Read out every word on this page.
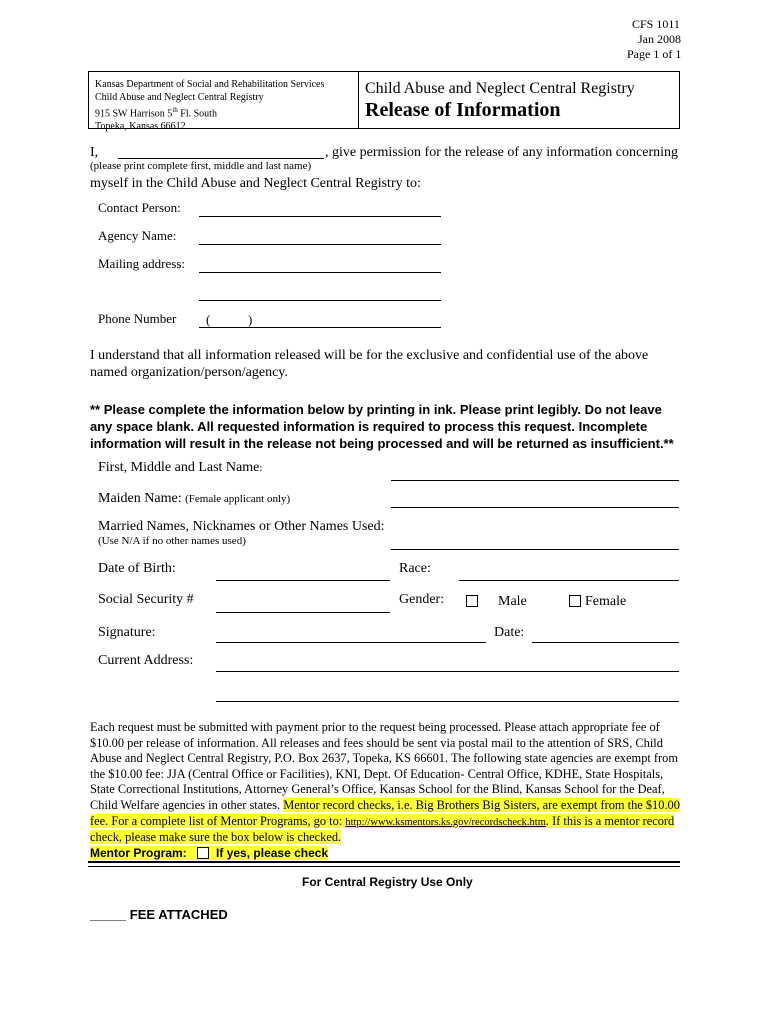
CFS 1011
Jan 2008
Page 1 of 1
Kansas Department of Social and Rehabilitation Services
Child Abuse and Neglect Central Registry
915 SW Harrison 5th Fl. South
Topeka, Kansas 66612
Child Abuse and Neglect Central Registry
Release of Information
I,	, give permission for the release of any information concerning
(please print complete first, middle and last name)
myself in the Child Abuse and Neglect Central Registry to:
Contact Person:
Agency Name:
Mailing address:
Phone Number (	)
I understand that all information released will be for the exclusive and confidential use of the above
named organization/person/agency.
** Please complete the information below by printing in ink. Please print legibly. Do not leave any space blank. All requested information is required to process this request. Incomplete information will result in the release not being processed and will be returned as insufficient.**
First, Middle and Last Name:
Maiden Name: (Female applicant only)
Married Names, Nicknames or Other Names Used:
(Use N/A if no other names used)
Date of Birth:	Race:
Social Security #	Gender:	Male	Female
Signature:	Date:
Current Address:
Each request must be submitted with payment prior to the request being processed. Please attach appropriate fee of $10.00 per release of information. All releases and fees should be sent via postal mail to the attention of SRS, Child Abuse and Neglect Central Registry, P.O. Box 2637, Topeka, KS 66601. The following state agencies are exempt from the $10.00 fee: JJA (Central Office or Facilities), KNI, Dept. Of Education- Central Office, KDHE, State Hospitals, State Correctional Institutions, Attorney General’s Office, Kansas School for the Blind, Kansas School for the Deaf, Child Welfare agencies in other states. Mentor record checks, i.e. Big Brothers Big Sisters, are exempt from the $10.00 fee. For a complete list of Mentor Programs, go to: http://www.ksmentors.ks.gov/recordscheck.htm. If this is a mentor record check, please make sure the box below is checked.
Mentor Program: If yes, please check
For Central Registry Use Only
_____ FEE ATTACHED
